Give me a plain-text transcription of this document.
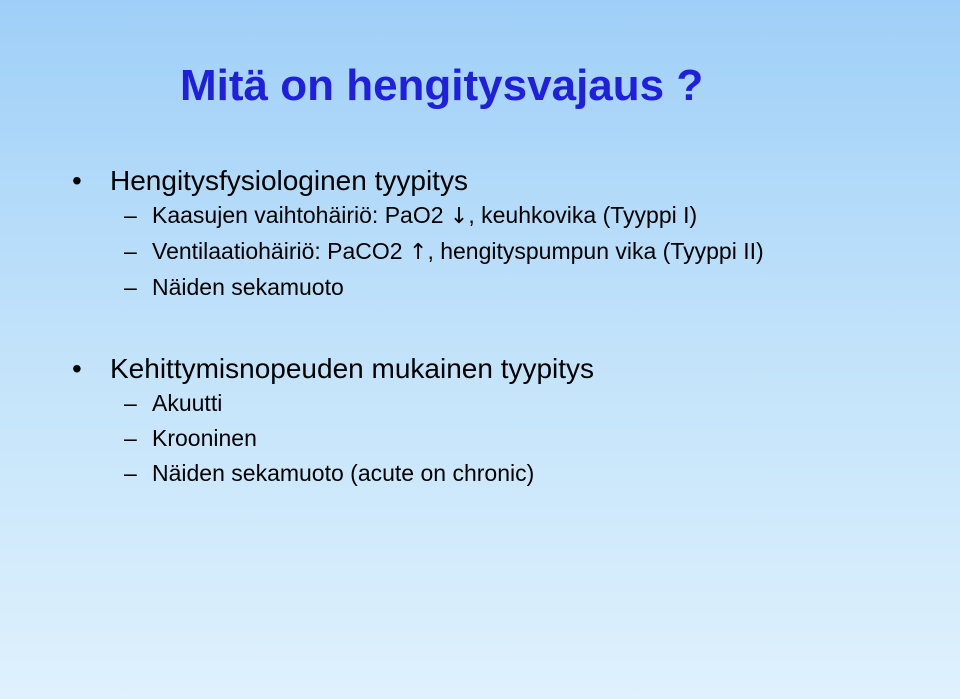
Mitä on hengitysvajaus ?
• Hengitysfysiologinen tyypitys
– Kaasujen vaihtohäiriö: PaO2 ↓, keuhkovika (Tyyppi I)
– Ventilaatiohäiriö: PaCO2 ↑, hengityspumpun vika (Tyyppi II)
– Näiden sekamuoto
• Kehittymisnopeuden mukainen tyypitys
– Akuutti
– Krooninen
– Näiden sekamuoto (acute on chronic)
